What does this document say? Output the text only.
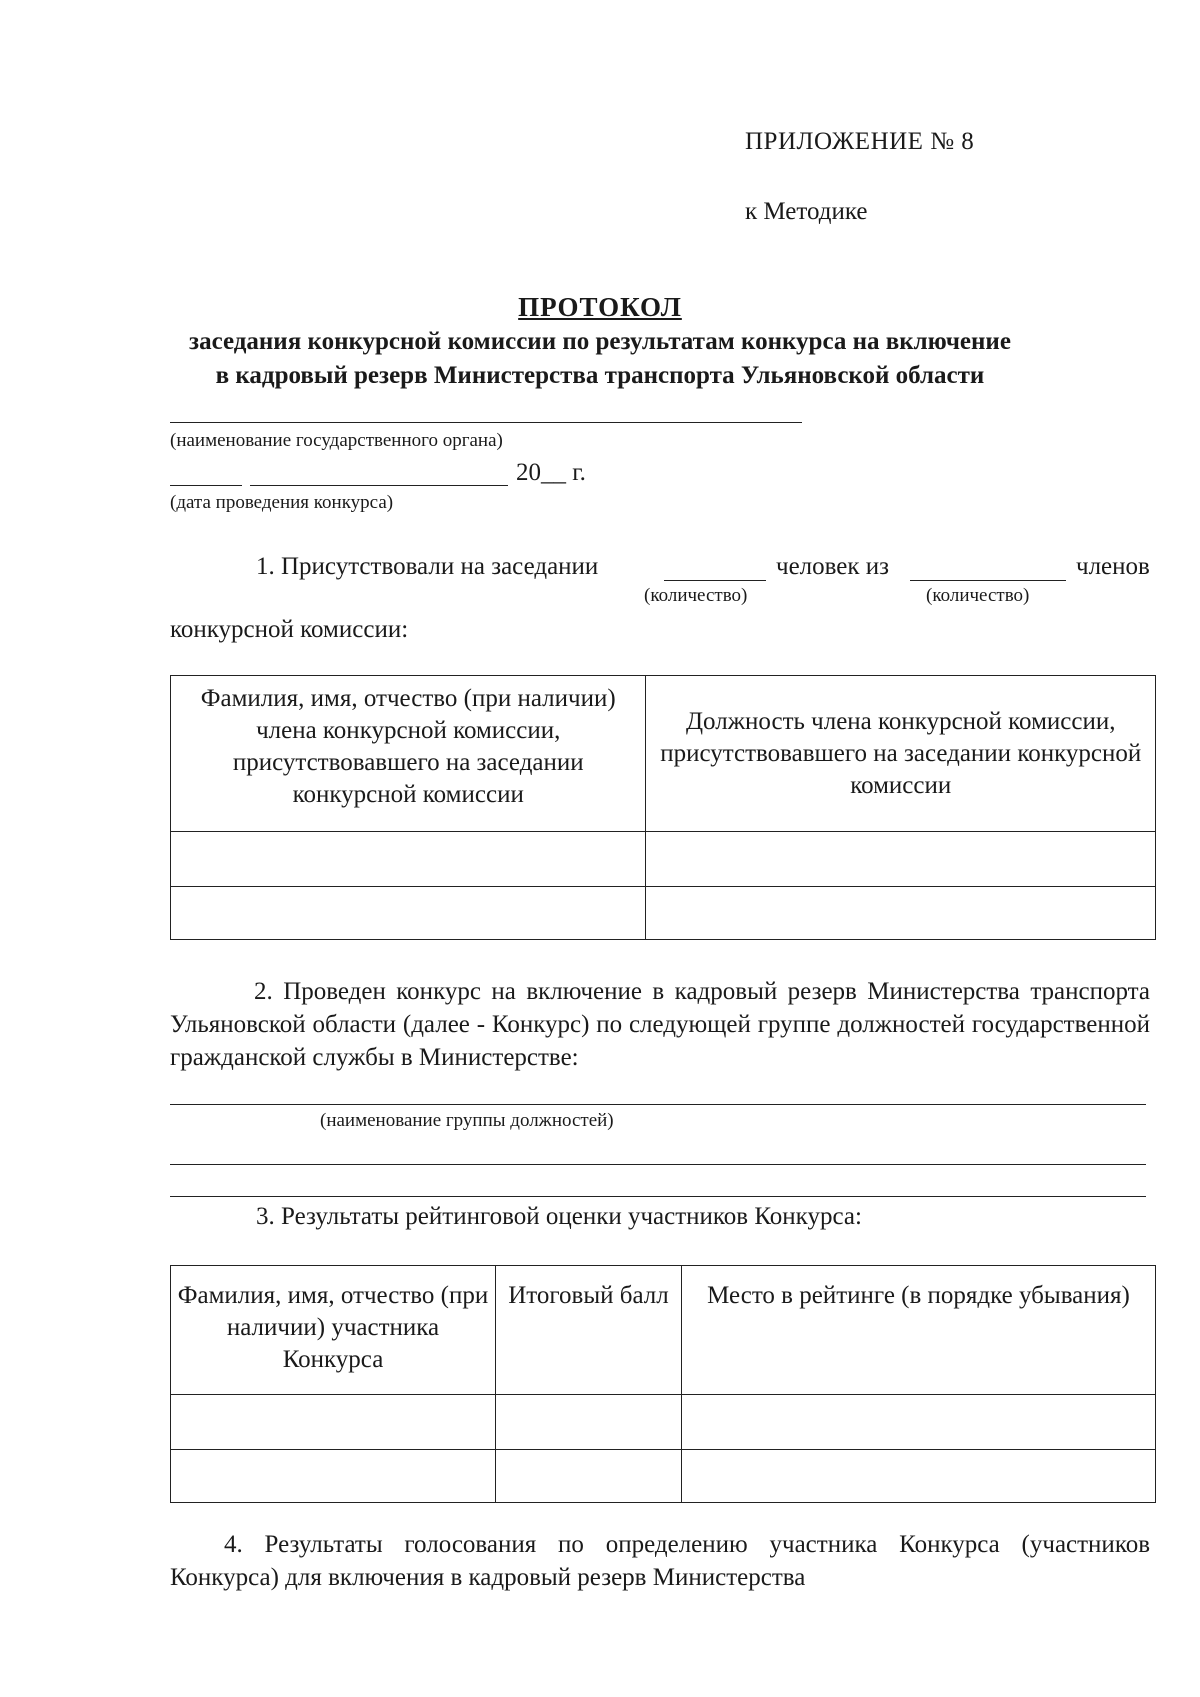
ПРИЛОЖЕНИЕ № 8
к Методике
ПРОТОКОЛ
заседания конкурсной комиссии по результатам конкурса на включение
в кадровый резерв Министерства транспорта Ульяновской области
(наименование государственного органа)
20__ г.
(дата проведения конкурса)
1. Присутствовали на заседании	человек из	членов
(количество)	(количество)
конкурсной комиссии:
Фамилия, имя, отчество (при наличии) члена конкурсной комиссии, присутствовавшего на заседании конкурсной комиссии	Должность члена конкурсной комиссии, присутствовавшего на заседании конкурсной комиссии

2. Проведен конкурс на включение в кадровый резерв Министерства транспорта Ульяновской области (далее - Конкурс) по следующей группе должностей государственной гражданской службы в Министерстве:
(наименование группы должностей)
3. Результаты рейтинговой оценки участников Конкурса:
Фамилия, имя, отчество (при наличии) участника Конкурса	Итоговый балл	Место в рейтинге (в порядке убывания)

4. Результаты голосования по определению участника Конкурса (участников Конкурса) для включения в кадровый резерв Министерства
